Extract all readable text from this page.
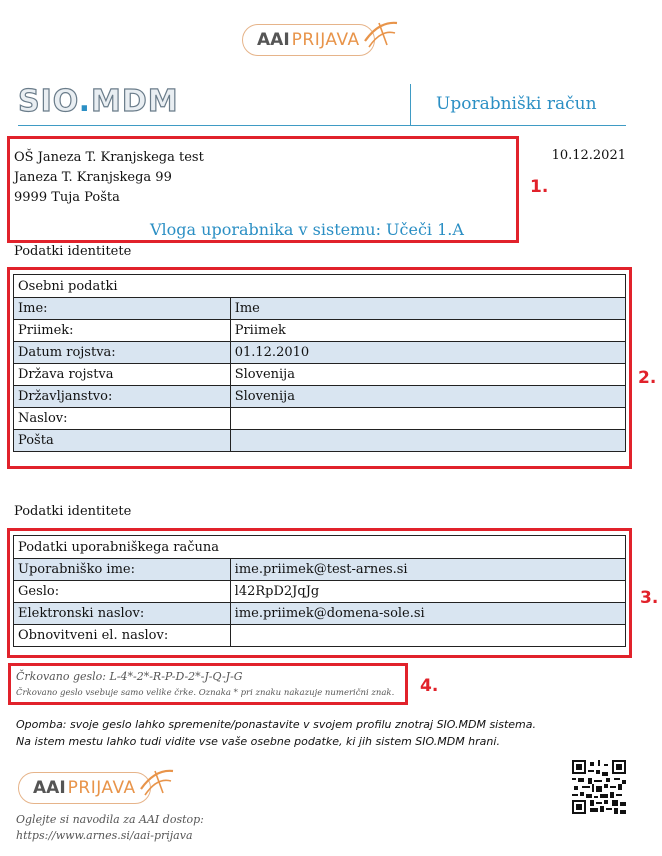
AAI PRIJAVA
SIO.MDM	Uporabniški račun
OŠ Janeza T. Kranjskega test
Janeza T. Kranjskega 99
9999 Tuja Pošta
10.12.2021
Vloga uporabnika v sistemu: Učeči 1.A
1.
Podatki identitete
2.
Osebni podatki	
Ime:	Ime
Priimek:	Priimek
Datum rojstva:	01.12.2010
Država rojstva	Slovenija
Državljanstvo:	Slovenija
Naslov:	
Pošta	
Podatki identitete
3.
Podatki uporabniškega računa	
Uporabniško ime:	ime.priimek@test-arnes.si
Geslo:	l42RpD2JqJg
Elektronski naslov:	ime.priimek@domena-sole.si
Obnovitveni el. naslov:	
4.
Črkovano geslo: L-4*-2*-R-P-D-2*-J-Q-J-G
Črkovano geslo vsebuje samo velike črke. Oznaka * pri znaku nakazuje numerični znak.
Opomba: svoje geslo lahko spremenite/ponastavite v svojem profilu znotraj SIO.MDM sistema.
Na istem mestu lahko tudi vidite vse vaše osebne podatke, ki jih sistem SIO.MDM hrani.
AAI PRIJAVA
Oglejte si navodila za AAI dostop:
https://www.arnes.si/aai-prijava
